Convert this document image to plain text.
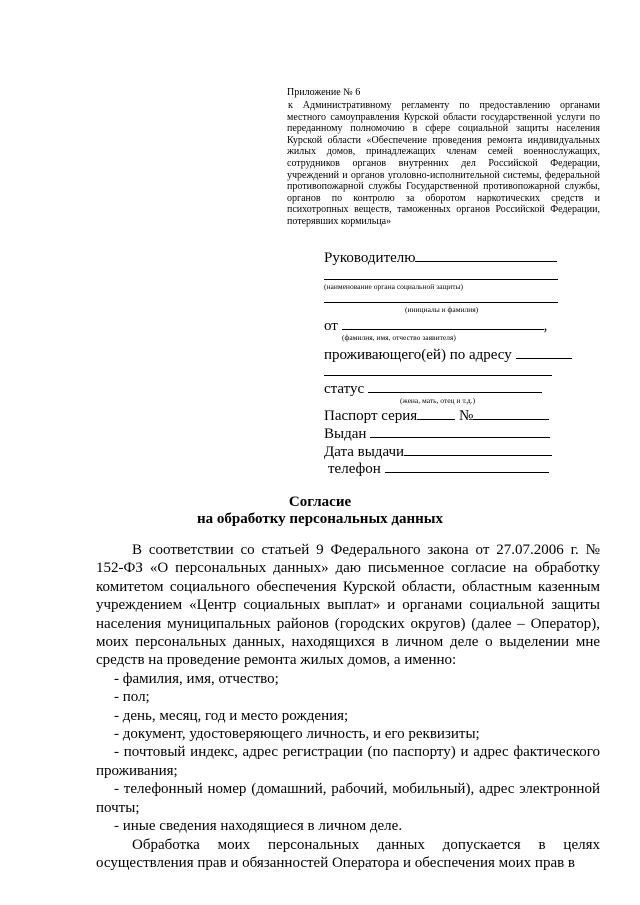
Приложение № 6

к Административному регламенту по предоставлению органами местного самоуправления Курской области государственной услуги по переданному полномочию в сфере социальной защиты населения Курской области «Обеспечение проведения ремонта индивидуальных жилых домов, принадлежащих членам семей военнослужащих, сотрудников органов внутренних дел Российской Федерации, учреждений и органов уголовно-исполнительной системы, федеральной противопожарной службы Государственной противопожарной службы, органов по контролю за оборотом наркотических средств и психотропных веществ, таможенных органов Российской Федерации, потерявших кормильца»

Руководителю
(наименование органа социальной защиты)
(инициалы и фамилия)
от	,
(фамилия, имя, отчество заявителя)
проживающего(ей) по адресу
статус
(жена, мать, отец и т.д.)
Паспорт серия	№
Выдан
Дата выдачи
телефон
Согласие
на обработку персональных данных

В соответствии со статьей 9 Федерального закона от 27.07.2006 г. № 152-ФЗ «О персональных данных» даю письменное согласие на обработку комитетом социального обеспечения Курской области, областным казенным учреждением «Центр социальных выплат» и органами социальной защиты населения муниципальных районов (городских округов) (далее – Оператор), моих персональных данных, находящихся в личном деле о выделении мне средств на проведение ремонта жилых домов, а именно:

- фамилия, имя, отчество;

- пол;

- день, месяц, год и место рождения;

- документ, удостоверяющего личность, и его реквизиты;

- почтовый индекс, адрес регистрации (по паспорту) и адрес фактического проживания;

- телефонный номер (домашний, рабочий, мобильный), адрес электронной почты;

- иные сведения находящиеся в личном деле.

Обработка моих персональных данных допускается в целях осуществления прав и обязанностей Оператора и обеспечения моих прав в
